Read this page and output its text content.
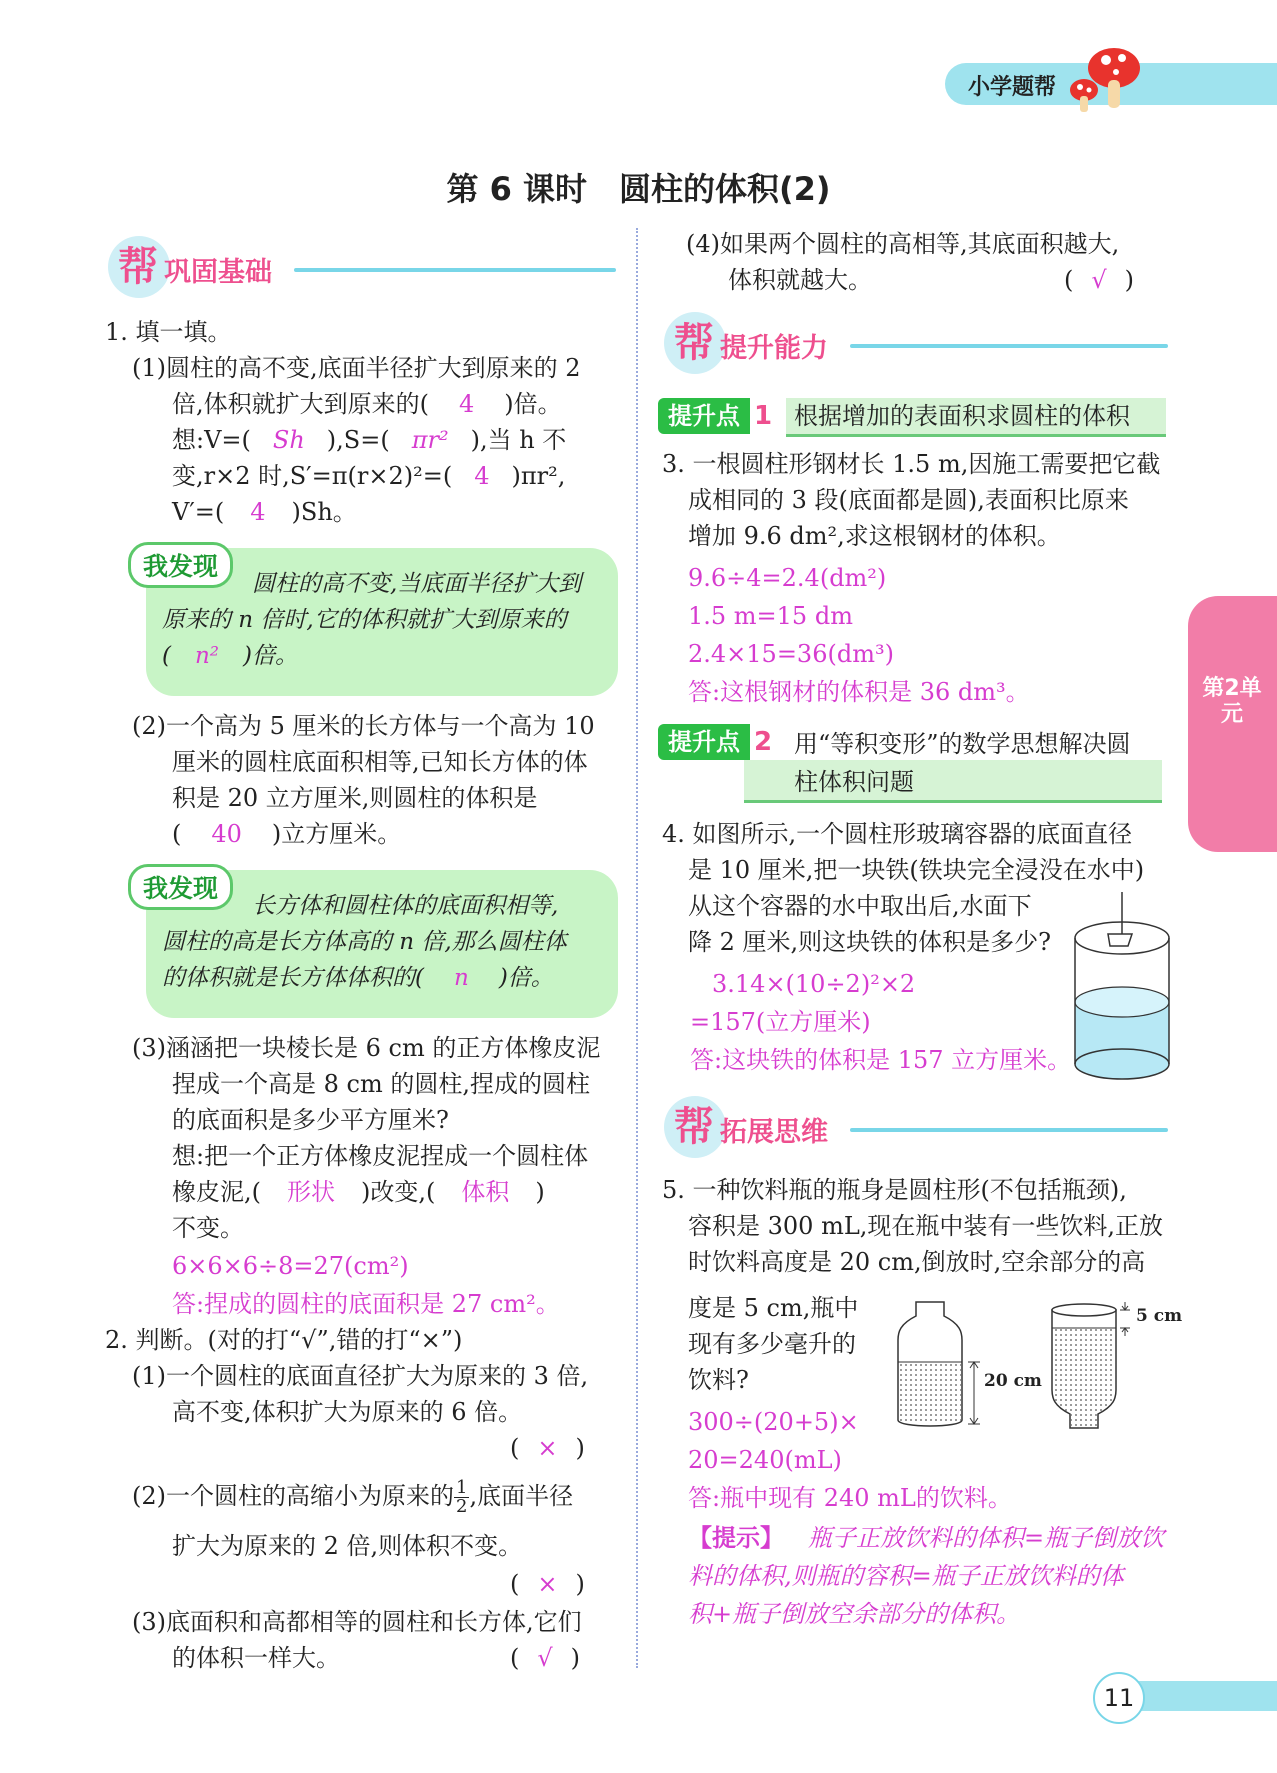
小学题帮
第 6 课时　圆柱的体积(2)
帮 巩固基础
1. 填一填。
(1)圆柱的高不变,底面半径扩大到原来的 2
倍,体积就扩大到原来的( 4 )倍。
想:V=( Sh ),S=( πr² ),当 h 不
变,r×2 时,S′=π(r×2)²=( 4 )πr²,
V′=( 4 )Sh。
我发现
圆柱的高不变,当底面半径扩大到
原来的 n 倍时,它的体积就扩大到原来的
( n² )倍。
(2)一个高为 5 厘米的长方体与一个高为 10
厘米的圆柱底面积相等,已知长方体的体
积是 20 立方厘米,则圆柱的体积是
( 40 )立方厘米。
我发现
长方体和圆柱体的底面积相等,
圆柱的高是长方体高的 n 倍,那么圆柱体
的体积就是长方体体积的( n )倍。
(3)涵涵把一块棱长是 6 cm 的正方体橡皮泥
捏成一个高是 8 cm 的圆柱,捏成的圆柱
的底面积是多少平方厘米?
想:把一个正方体橡皮泥捏成一个圆柱体
橡皮泥,( 形状 )改变,( 体积 )
不变。
6×6×6÷8=27(cm²)
答:捏成的圆柱的底面积是 27 cm²。
2. 判断。(对的打“√”,错的打“×”)
(1)一个圆柱的底面直径扩大为原来的 3 倍,
高不变,体积扩大为原来的 6 倍。
( × )
(2)一个圆柱的高缩小为原来的 $\frac{1}{2}$ ,底面半径
扩大为原来的 2 倍,则体积不变。
( × )
(3)底面积和高都相等的圆柱和长方体,它们
的体积一样大。	( √ )
(4)如果两个圆柱的高相等,其底面积越大,
体积就越大。	( √ )
帮 提升能力
提升点 1 根据增加的表面积求圆柱的体积
3. 一根圆柱形钢材长 1.5 m,因施工需要把它截
成相同的 3 段(底面都是圆),表面积比原来
增加 9.6 dm²,求这根钢材的体积。
9.6÷4=2.4(dm²)
1.5 m=15 dm
2.4×15=36(dm³)
答:这根钢材的体积是 36 dm³。
提升点 2 用“等积变形”的数学思想解决圆
柱体积问题
4. 如图所示,一个圆柱形玻璃容器的底面直径
是 10 厘米,把一块铁(铁块完全浸没在水中)
从这个容器的水中取出后,水面下
降 2 厘米,则这块铁的体积是多少?
3.14×(10÷2)²×2
=157(立方厘米)
答:这块铁的体积是 157 立方厘米。
帮 拓展思维
5. 一种饮料瓶的瓶身是圆柱形(不包括瓶颈),
容积是 300 mL,现在瓶中装有一些饮料,正放
时饮料高度是 20 cm,倒放时,空余部分的高
度是 5 cm,瓶中
现有多少毫升的
饮料?
300÷(20+5)×
20=240(mL)
答:瓶中现有 240 mL的饮料。
【提示】 瓶子正放饮料的体积=瓶子倒放饮
料的体积,则瓶的容积=瓶子正放饮料的体
积+瓶子倒放空余部分的体积。
20 cm
5 cm
第2单元
11
